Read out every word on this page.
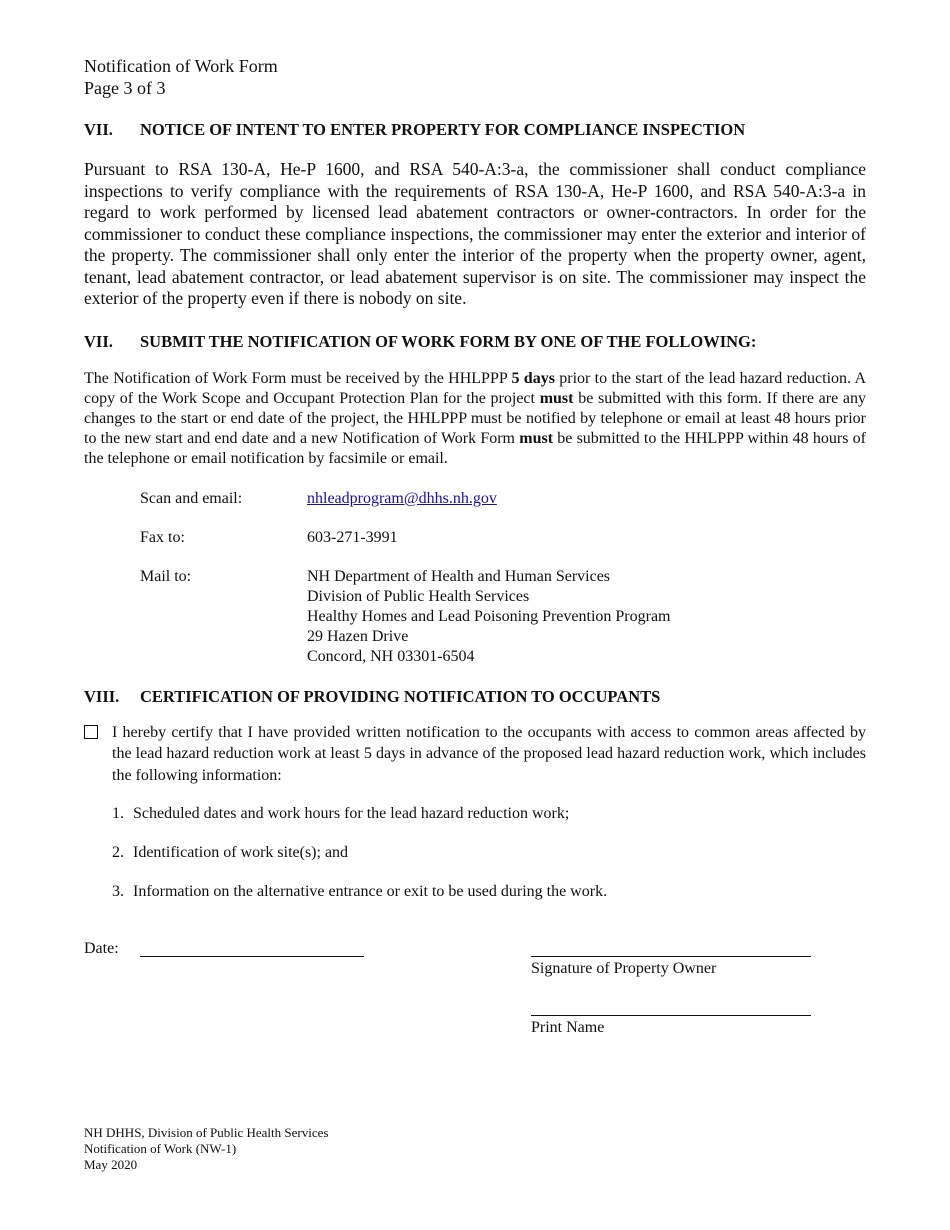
Notification of Work Form
Page 3 of 3
VII.	NOTICE OF INTENT TO ENTER PROPERTY FOR COMPLIANCE INSPECTION
Pursuant to RSA 130-A, He-P 1600, and RSA 540-A:3-a, the commissioner shall conduct compliance inspections to verify compliance with the requirements of RSA 130-A, He-P 1600, and RSA 540-A:3-a in regard to work performed by licensed lead abatement contractors or owner-contractors. In order for the commissioner to conduct these compliance inspections, the commissioner may enter the exterior and interior of the property. The commissioner shall only enter the interior of the property when the property owner, agent, tenant, lead abatement contractor, or lead abatement supervisor is on site. The commissioner may inspect the exterior of the property even if there is nobody on site.
VII.	SUBMIT THE NOTIFICATION OF WORK FORM BY ONE OF THE FOLLOWING:
The Notification of Work Form must be received by the HHLPPP 5 days prior to the start of the lead hazard reduction. A copy of the Work Scope and Occupant Protection Plan for the project must be submitted with this form. If there are any changes to the start or end date of the project, the HHLPPP must be notified by telephone or email at least 48 hours prior to the new start and end date and a new Notification of Work Form must be submitted to the HHLPPP within 48 hours of the telephone or email notification by facsimile or email.
Scan and email:	nhleadprogram@dhhs.nh.gov
Fax to:	603-271-3991
Mail to:	NH Department of Health and Human Services
Division of Public Health Services
Healthy Homes and Lead Poisoning Prevention Program
29 Hazen Drive
Concord, NH 03301-6504
VIII.	CERTIFICATION OF PROVIDING NOTIFICATION TO OCCUPANTS
I hereby certify that I have provided written notification to the occupants with access to common areas affected by the lead hazard reduction work at least 5 days in advance of the proposed lead hazard reduction work, which includes the following information:
1. Scheduled dates and work hours for the lead hazard reduction work;
2. Identification of work site(s); and
3. Information on the alternative entrance or exit to be used during the work.
Date:
Signature of Property Owner
Print Name
NH DHHS, Division of Public Health Services
Notification of Work (NW-1)
May 2020
